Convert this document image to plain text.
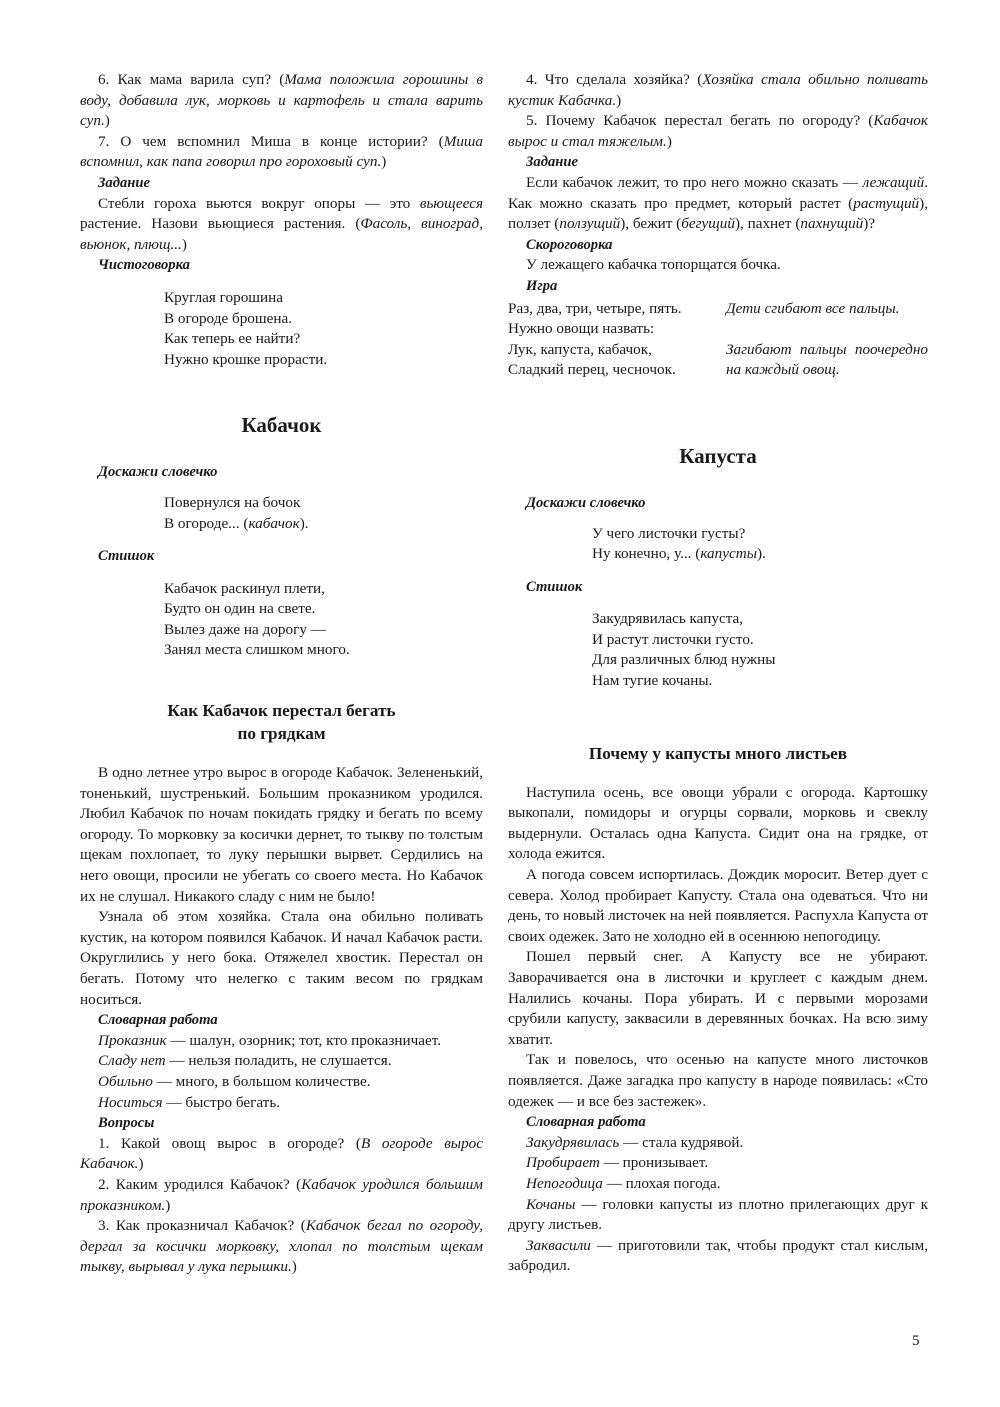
6. Как мама варила суп? (Мама положила горошины в воду, добавила лук, морковь и картофель и стала варить суп.)

7. О чем вспомнил Миша в конце истории? (Миша вспомнил, как папа говорил про гороховый суп.)

Задание

Стебли гороха вьются вокруг опоры — это вьющееся растение. Назови вьющиеся растения. (Фасоль, виноград, вьюнок, плющ...)

Чистоговорка
Круглая горошина
В огороде брошена.
Как теперь ее найти?
Нужно крошке прорасти.
Кабачок
Доскажи словечко
Повернулся на бочок
В огороде... (кабачок).
Стишок
Кабачок раскинул плети,
Будто он один на свете.
Вылез даже на дорогу —
Занял места слишком много.
Как Кабачок перестал бегать
по грядкам

В одно летнее утро вырос в огороде Кабачок. Зелененький, тоненький, шустренький. Большим проказником уродился. Любил Кабачок по ночам покидать грядку и бегать по всему огороду. То морковку за косички дернет, то тыкву по толстым щекам похлопает, то луку перышки вырвет. Сердились на него овощи, просили не убегать со своего места. Но Кабачок их не слушал. Никакого сладу с ним не было!

Узнала об этом хозяйка. Стала она обильно поливать кустик, на котором появился Кабачок. И начал Кабачок расти. Округлились у него бока. Отяжелел хвостик. Перестал он бегать. Потому что нелегко с таким весом по грядкам носиться.

Словарная работа

Проказник — шалун, озорник; тот, кто проказничает.

Сладу нет — нельзя поладить, не слушается.

Обильно — много, в большом количестве.

Носиться — быстро бегать.

Вопросы

1. Какой овощ вырос в огороде? (В огороде вырос Кабачок.)

2. Каким уродился Кабачок? (Кабачок уродился большим проказником.)

3. Как проказничал Кабачок? (Кабачок бегал по огороду, дергал за косички морковку, хлопал по толстым щекам тыкву, вырывал у лука перышки.)

4. Что сделала хозяйка? (Хозяйка стала обильно поливать кустик Кабачка.)

5. Почему Кабачок перестал бегать по огороду? (Кабачок вырос и стал тяжелым.)

Задание

Если кабачок лежит, то про него можно сказать — лежащий. Как можно сказать про предмет, который растет (растущий), ползет (ползущий), бежит (бегущий), пахнет (пахнущий)?

Скороговорка

У лежащего кабачка топорщатся бочка.

Игра
Раз, два, три, четыре, пять.
Нужно овощи назвать:
Дети сгибают все пальцы.
Лук, капуста, кабачок,
Сладкий перец, чесночок.
Загибают пальцы поочередно на каждый овощ.
Капуста
Доскажи словечко
У чего листочки густы?
Ну конечно, у... (капусты).
Стишок
Закудрявилась капуста,
И растут листочки густо.
Для различных блюд нужны
Нам тугие кочаны.
Почему у капусты много листьев

Наступила осень, все овощи убрали с огорода. Картошку выкопали, помидоры и огурцы сорвали, морковь и свеклу выдернули. Осталась одна Капуста. Сидит она на грядке, от холода ежится.

А погода совсем испортилась. Дождик моросит. Ветер дует с севера. Холод пробирает Капусту. Стала она одеваться. Что ни день, то новый листочек на ней появляется. Распухла Капуста от своих одежек. Зато не холодно ей в осеннюю непогодицу.

Пошел первый снег. А Капусту все не убирают. Заворачивается она в листочки и круглеет с каждым днем. Налились кочаны. Пора убирать. И с первыми морозами срубили капусту, заквасили в деревянных бочках. На всю зиму хватит.

Так и повелось, что осенью на капусте много листочков появляется. Даже загадка про капусту в народе появилась: «Сто одежек — и все без застежек».

Словарная работа

Закудрявилась — стала кудрявой.

Пробирает — пронизывает.

Непогодица — плохая погода.

Кочаны — головки капусты из плотно прилегающих друг к другу листьев.

Заквасили — приготовили так, чтобы продукт стал кислым, забродил.

5
